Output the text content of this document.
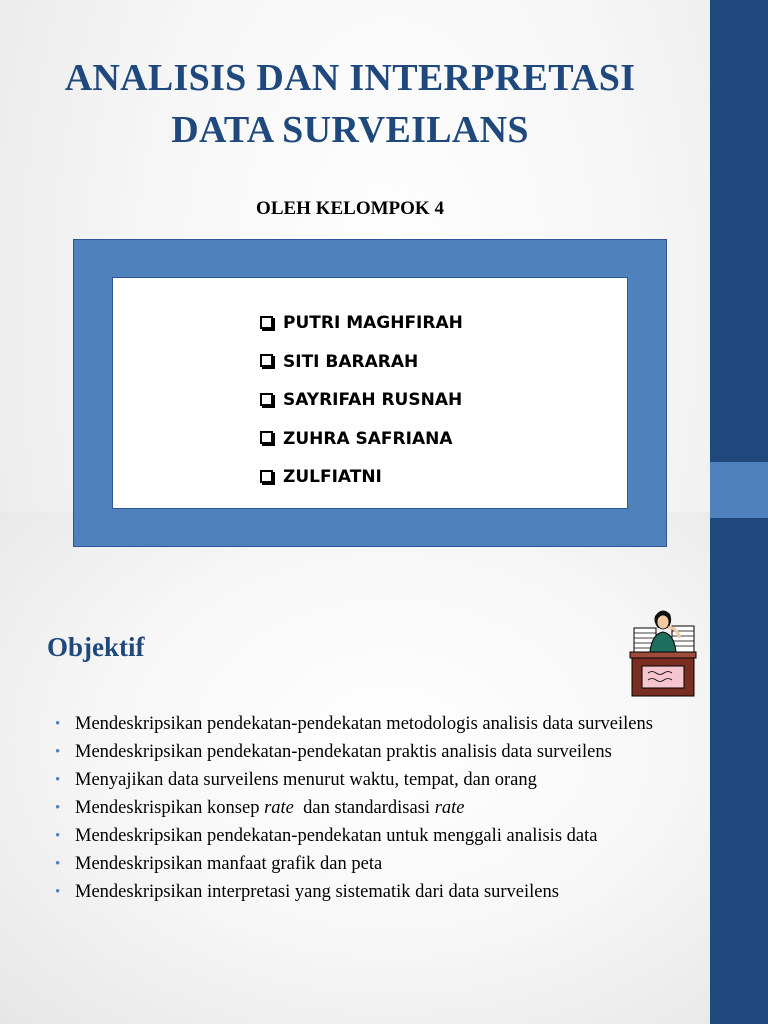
ANALISIS DAN INTERPRETASI
DATA SURVEILANS
OLEH KELOMPOK 4
PUTRI MAGHFIRAH
SITI BARARAH
SAYRIFAH RUSNAH
ZUHRA SAFRIANA
ZULFIATNI
Objektif
• Mendeskripsikan pendekatan-pendekatan metodologis analisis data surveilens
• Mendeskripsikan pendekatan-pendekatan praktis analisis data surveilens
• Menyajikan data surveilens menurut waktu, tempat, dan orang
• Mendeskrispikan konsep rate  dan standardisasi rate
• Mendeskripsikan pendekatan-pendekatan untuk menggali analisis data
• Mendeskripsikan manfaat grafik dan peta
• Mendeskripsikan interpretasi yang sistematik dari data surveilens
